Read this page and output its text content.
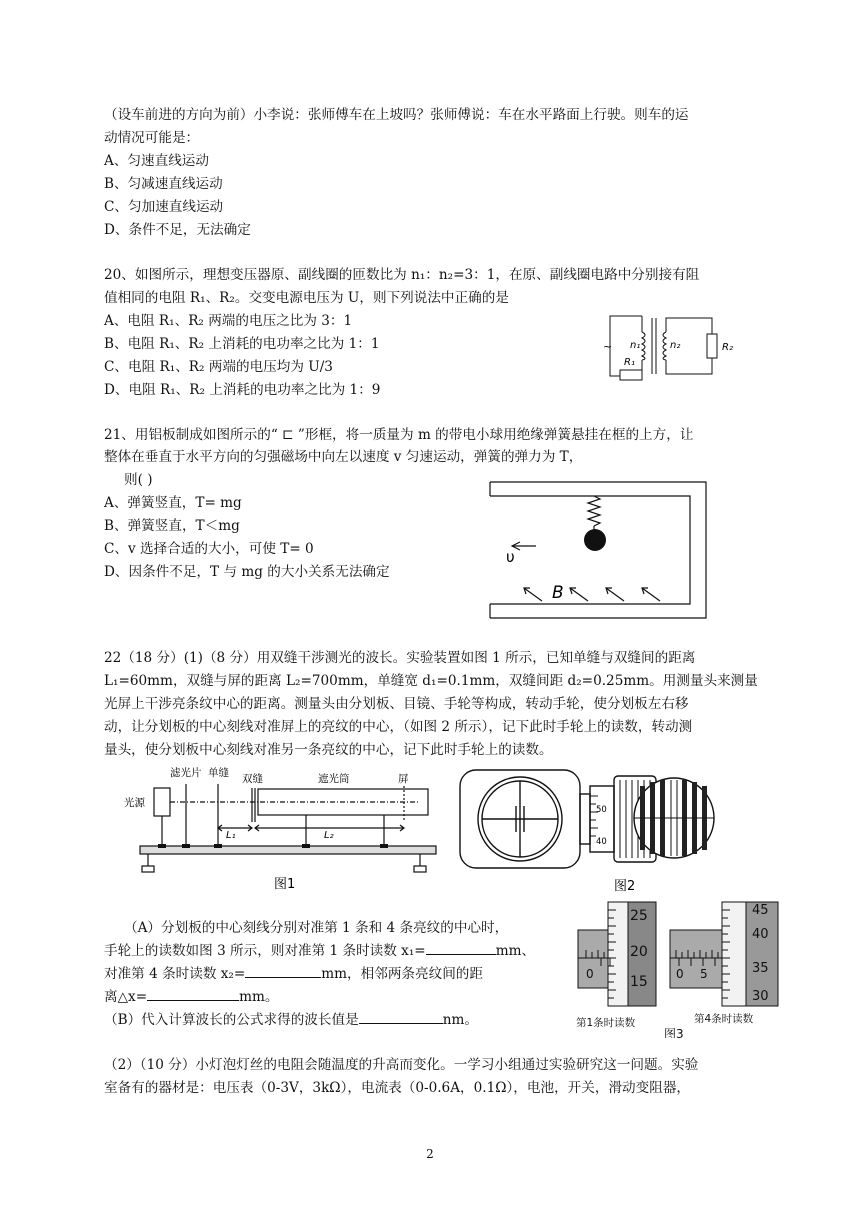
（设车前进的方向为前）小李说：张师傅车在上坡吗？张师傅说：车在水平路面上行驶。则车的运
动情况可能是：
A、匀速直线运动
B、匀减速直线运动
C、匀加速直线运动
D、条件不足，无法确定
20、如图所示，理想变压器原、副线圈的匝数比为 n₁：n₂=3：1，在原、副线圈电路中分别接有阻
值相同的电阻 R₁、R₂。交变电源电压为 U，则下列说法中正确的是
A、电阻 R₁、R₂ 两端的电压之比为 3：1
B、电阻 R₁、R₂ 上消耗的电功率之比为 1：1
C、电阻 R₁、R₂ 两端的电压均为 U/3
D、电阻 R₁、R₂ 上消耗的电功率之比为 1：9
~ n₁	n₂	R₂
R₁
21、用铝板制成如图所示的“ ⊏ ”形框，将一质量为 m 的带电小球用绝缘弹簧悬挂在框的上方，让
整体在垂直于水平方向的匀强磁场中向左以速度 v 匀速运动，弹簧的弹力为 T，
则( )
A、弹簧竖直，T= mg
B、弹簧竖直，T＜mg
C、v 选择合适的大小，可使 T= 0
D、因条件不足，T 与 mg 的大小关系无法确定
υ
B
22（18 分）(1)（8 分）用双缝干涉测光的波长。实验装置如图 1 所示，已知单缝与双缝间的距离
L₁=60mm，双缝与屏的距离 L₂=700mm，单缝宽 d₁=0.1mm，双缝间距 d₂=0.25mm。用测量头来测量
光屏上干涉亮条纹中心的距离。测量头由分划板、目镜、手轮等构成，转动手轮，使分划板左右移
动，让分划板的中心刻线对准屏上的亮纹的中心，（如图 2 所示），记下此时手轮上的读数，转动测
量头，使分划板中心刻线对准另一条亮纹的中心，记下此时手轮上的读数。
滤光片 单缝 双缝	遮光筒	屏
光源
L₁	L₂
图1
50
40
图2
（A）分划板的中心刻线分别对准第 1 条和 4 条亮纹的中心时，
手轮上的读数如图 3 所示，则对准第 1 条时读数 x₁=	mm、
对准第 4 条时读数 x₂=	mm，相邻两条亮纹间的距
离△x=	mm。
（B）代入计算波长的公式求得的波长值是	nm。
25
20
15
0
45
40
35
30
0 5
第1条时读数
图3
第4条时读数
（2）（10 分）小灯泡灯丝的电阻会随温度的升高而变化。一学习小组通过实验研究这一问题。实验
室备有的器材是：电压表（0-3V，3kΩ），电流表（0-0.6A，0.1Ω），电池，开关，滑动变阻器，
2
